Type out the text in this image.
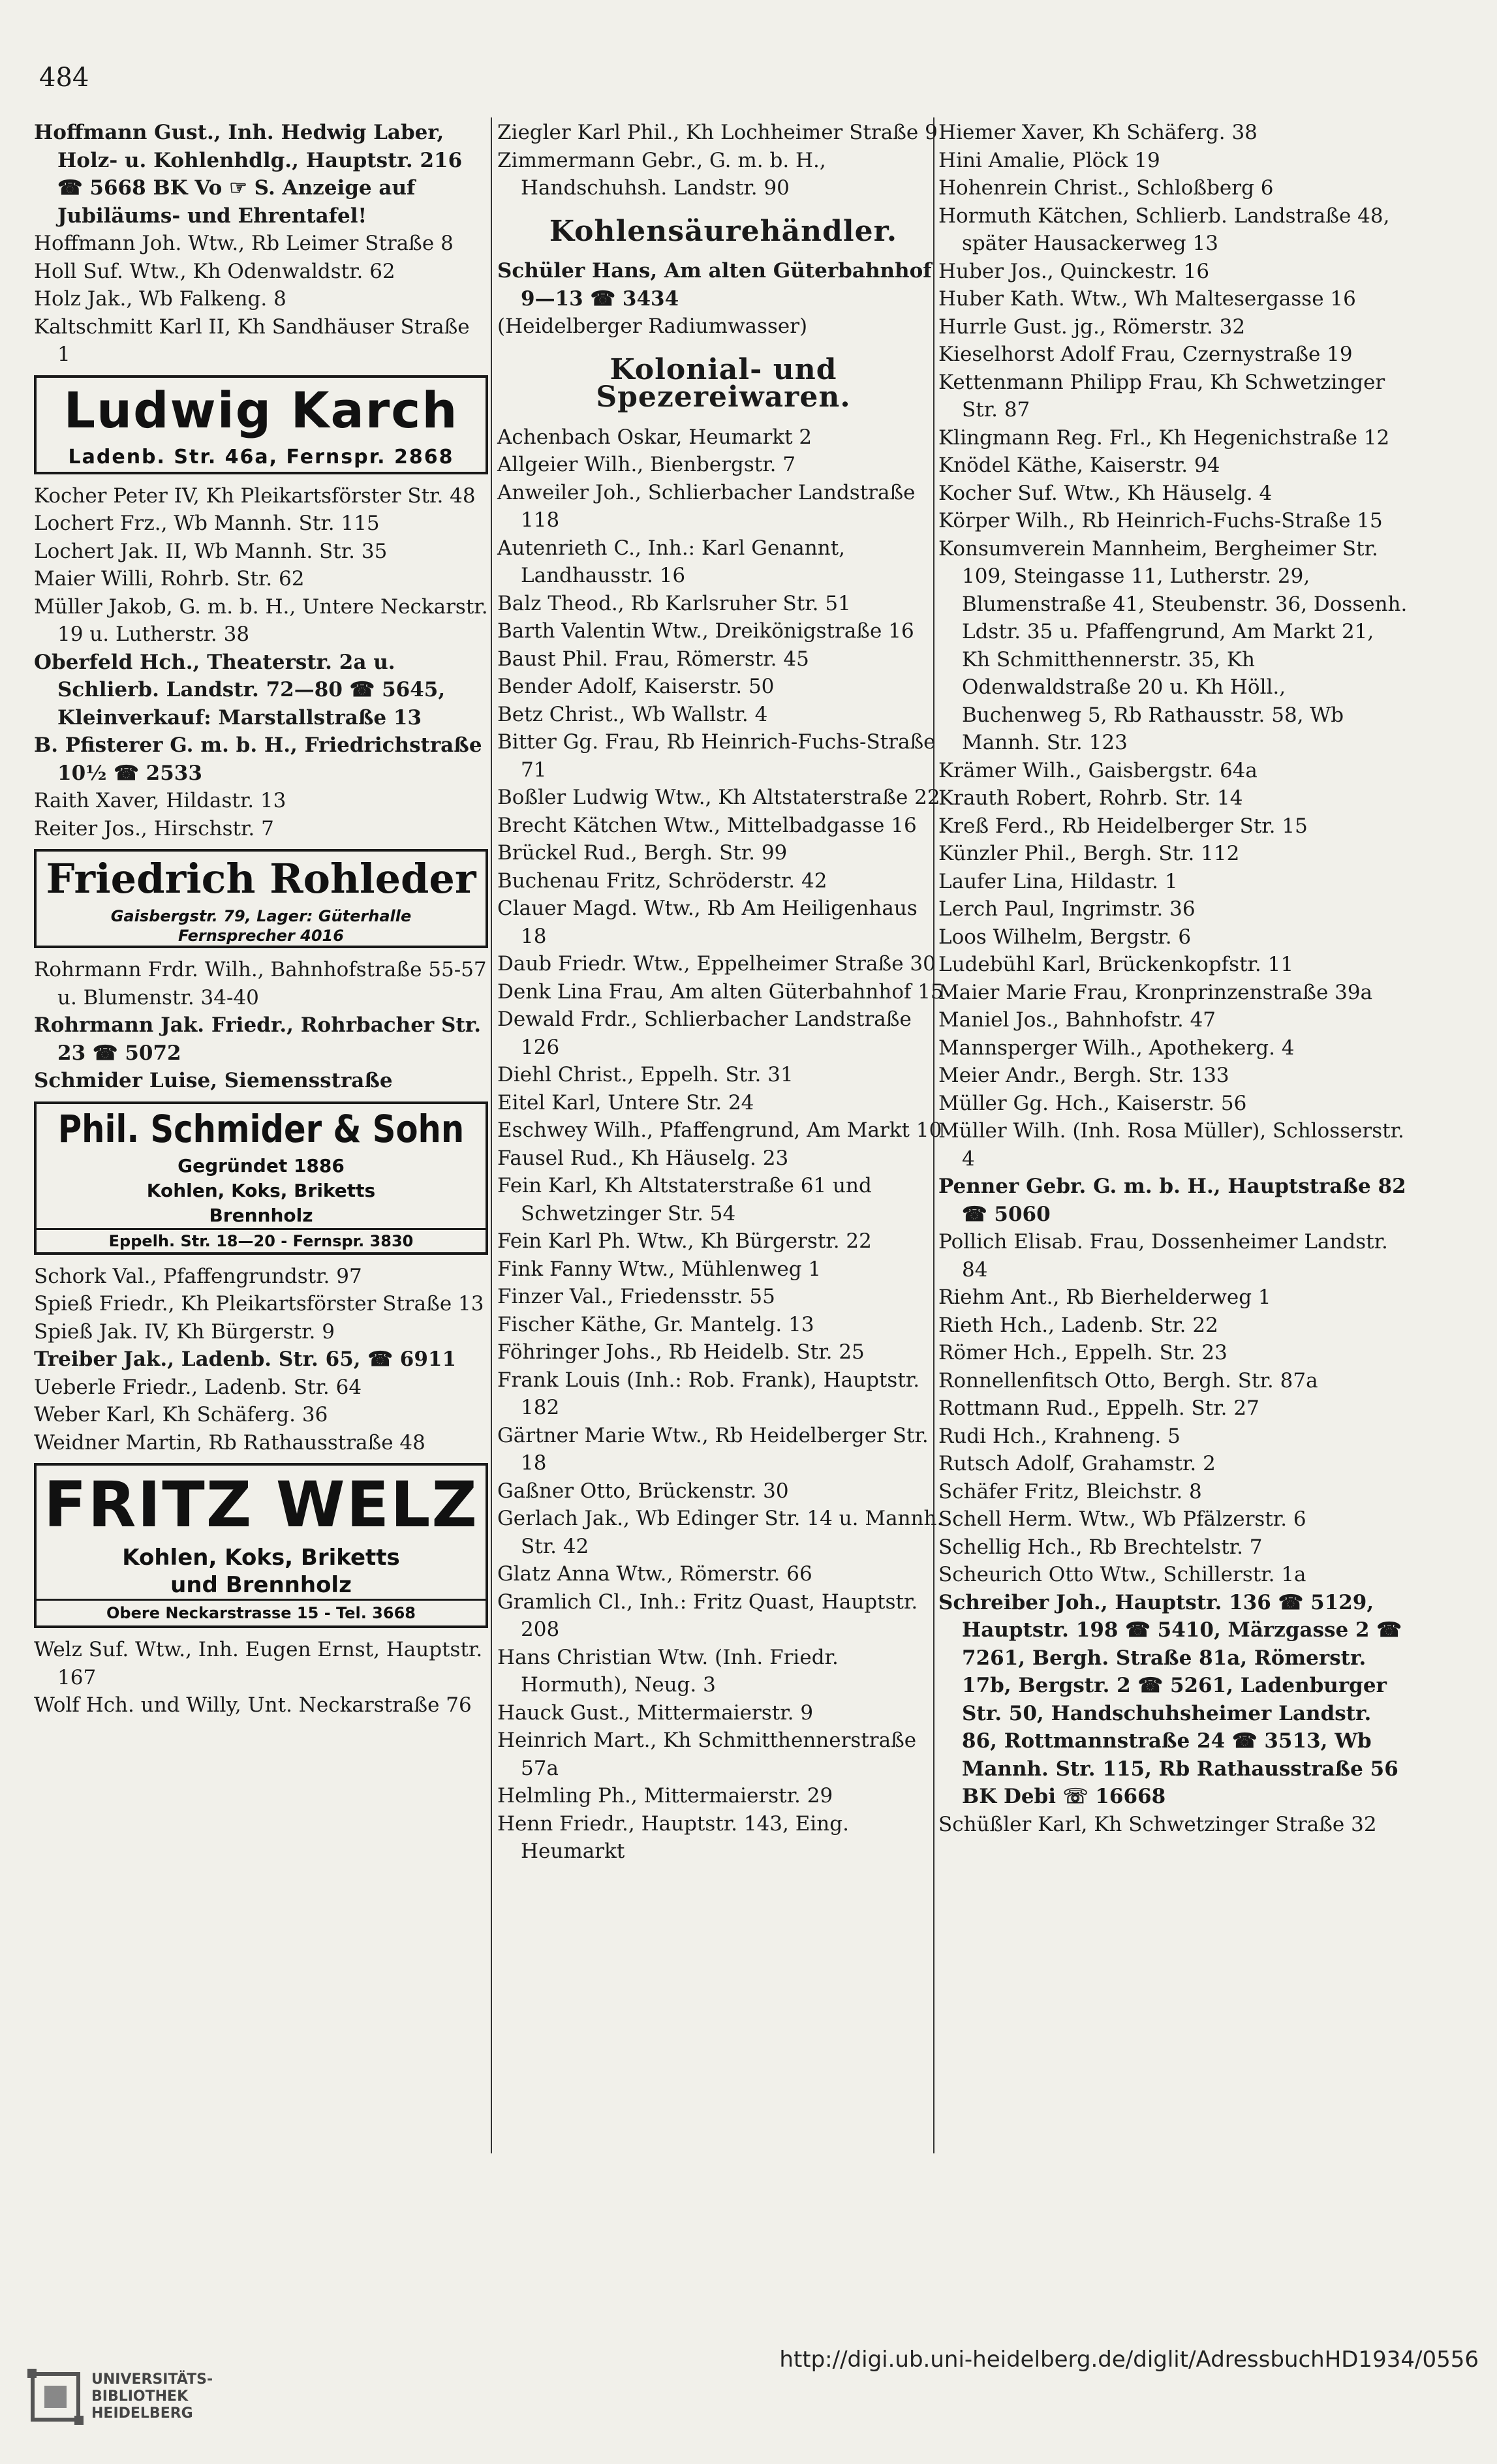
484

Hoffmann Gust., Inh. Hedwig Laber, Holz- u. Kohlenhdlg., Hauptstr. 216 ☎ 5668 BK Vo ☞ S. Anzeige auf Jubiläums- und Ehrentafel!

Hoffmann Joh. Wtw., Rb Leimer Straße 8

Holl Suf. Wtw., Kh Odenwaldstr. 62

Holz Jak., Wb Falkeng. 8

Kaltschmitt Karl II, Kh Sandhäuser Straße 1

Ludwig Karch
Ladenb. Str. 46a, Fernspr. 2868

Kocher Peter IV, Kh Pleikartsförster Str. 48

Lochert Frz., Wb Mannh. Str. 115

Lochert Jak. II, Wb Mannh. Str. 35

Maier Willi, Rohrb. Str. 62

Müller Jakob, G. m. b. H., Untere Neckarstr. 19 u. Lutherstr. 38

Oberfeld Hch., Theaterstr. 2a u. Schlierb. Landstr. 72—80 ☎ 5645, Kleinverkauf: Marstallstraße 13

B. Pfisterer G. m. b. H., Friedrichstraße 10½ ☎ 2533

Raith Xaver, Hildastr. 13

Reiter Jos., Hirschstr. 7

Friedrich Rohleder
Gaisbergstr. 79, Lager: Güterhalle
Fernsprecher 4016

Rohrmann Frdr. Wilh., Bahnhofstraße 55-57 u. Blumenstr. 34-40

Rohrmann Jak. Friedr., Rohrbacher Str. 23 ☎ 5072

Schmider Luise, Siemensstraße

Phil. Schmider & Sohn
Gegründet 1886
Kohlen, Koks, Briketts
Brennholz
Eppelh. Str. 18—20 - Fernspr. 3830

Schork Val., Pfaffengrundstr. 97

Spieß Friedr., Kh Pleikartsförster Straße 13

Spieß Jak. IV, Kh Bürgerstr. 9

Treiber Jak., Ladenb. Str. 65, ☎ 6911

Ueberle Friedr., Ladenb. Str. 64

Weber Karl, Kh Schäferg. 36

Weidner Martin, Rb Rathausstraße 48

FRITZ WELZ
Kohlen, Koks, Briketts
und Brennholz
Obere Neckarstrasse 15 - Tel. 3668

Welz Suf. Wtw., Inh. Eugen Ernst, Hauptstr. 167

Wolf Hch. und Willy, Unt. Neckarstraße 76

Ziegler Karl Phil., Kh Lochheimer Straße 9

Zimmermann Gebr., G. m. b. H., Handschuhsh. Landstr. 90

Kohlensäurehändler.

Schüler Hans, Am alten Güterbahnhof 9—13 ☎ 3434

(Heidelberger Radiumwasser)

Kolonial- und Spezereiwaren.

Achenbach Oskar, Heumarkt 2

Allgeier Wilh., Bienbergstr. 7

Anweiler Joh., Schlierbacher Landstraße 118

Autenrieth C., Inh.: Karl Genannt, Landhausstr. 16

Balz Theod., Rb Karlsruher Str. 51

Barth Valentin Wtw., Dreikönigstraße 16

Baust Phil. Frau, Römerstr. 45

Bender Adolf, Kaiserstr. 50

Betz Christ., Wb Wallstr. 4

Bitter Gg. Frau, Rb Heinrich-Fuchs-Straße 71

Boßler Ludwig Wtw., Kh Altstaterstraße 22

Brecht Kätchen Wtw., Mittelbadgasse 16

Brückel Rud., Bergh. Str. 99

Buchenau Fritz, Schröderstr. 42

Clauer Magd. Wtw., Rb Am Heiligenhaus 18

Daub Friedr. Wtw., Eppelheimer Straße 30

Denk Lina Frau, Am alten Güterbahnhof 15

Dewald Frdr., Schlierbacher Landstraße 126

Diehl Christ., Eppelh. Str. 31

Eitel Karl, Untere Str. 24

Eschwey Wilh., Pfaffengrund, Am Markt 10

Fausel Rud., Kh Häuselg. 23

Fein Karl, Kh Altstaterstraße 61 und Schwetzinger Str. 54

Fein Karl Ph. Wtw., Kh Bürgerstr. 22

Fink Fanny Wtw., Mühlenweg 1

Finzer Val., Friedensstr. 55

Fischer Käthe, Gr. Mantelg. 13

Föhringer Johs., Rb Heidelb. Str. 25

Frank Louis (Inh.: Rob. Frank), Hauptstr. 182

Gärtner Marie Wtw., Rb Heidelberger Str. 18

Gaßner Otto, Brückenstr. 30

Gerlach Jak., Wb Edinger Str. 14 u. Mannh. Str. 42

Glatz Anna Wtw., Römerstr. 66

Gramlich Cl., Inh.: Fritz Quast, Hauptstr. 208

Hans Christian Wtw. (Inh. Friedr. Hormuth), Neug. 3

Hauck Gust., Mittermaierstr. 9

Heinrich Mart., Kh Schmitthennerstraße 57a

Helmling Ph., Mittermaierstr. 29

Henn Friedr., Hauptstr. 143, Eing. Heumarkt

Hiemer Xaver, Kh Schäferg. 38

Hini Amalie, Plöck 19

Hohenrein Christ., Schloßberg 6

Hormuth Kätchen, Schlierb. Landstraße 48, später Hausackerweg 13

Huber Jos., Quinckestr. 16

Huber Kath. Wtw., Wh Maltesergasse 16

Hurrle Gust. jg., Römerstr. 32

Kieselhorst Adolf Frau, Czernystraße 19

Kettenmann Philipp Frau, Kh Schwetzinger Str. 87

Klingmann Reg. Frl., Kh Hegenichstraße 12

Knödel Käthe, Kaiserstr. 94

Kocher Suf. Wtw., Kh Häuselg. 4

Körper Wilh., Rb Heinrich-Fuchs-Straße 15

Konsumverein Mannheim, Bergheimer Str. 109, Steingasse 11, Lutherstr. 29, Blumenstraße 41, Steubenstr. 36, Dossenh. Ldstr. 35 u. Pfaffengrund, Am Markt 21, Kh Schmitthennerstr. 35, Kh Odenwaldstraße 20 u. Kh Höll., Buchenweg 5, Rb Rathausstr. 58, Wb Mannh. Str. 123

Krämer Wilh., Gaisbergstr. 64a

Krauth Robert, Rohrb. Str. 14

Kreß Ferd., Rb Heidelberger Str. 15

Künzler Phil., Bergh. Str. 112

Laufer Lina, Hildastr. 1

Lerch Paul, Ingrimstr. 36

Loos Wilhelm, Bergstr. 6

Ludebühl Karl, Brückenkopfstr. 11

Maier Marie Frau, Kronprinzenstraße 39a

Maniel Jos., Bahnhofstr. 47

Mannsperger Wilh., Apothekerg. 4

Meier Andr., Bergh. Str. 133

Müller Gg. Hch., Kaiserstr. 56

Müller Wilh. (Inh. Rosa Müller), Schlosserstr. 4

Penner Gebr. G. m. b. H., Hauptstraße 82 ☎ 5060

Pollich Elisab. Frau, Dossenheimer Landstr. 84

Riehm Ant., Rb Bierhelderweg 1

Rieth Hch., Ladenb. Str. 22

Römer Hch., Eppelh. Str. 23

Ronnellenfitsch Otto, Bergh. Str. 87a

Rottmann Rud., Eppelh. Str. 27

Rudi Hch., Krahneng. 5

Rutsch Adolf, Grahamstr. 2

Schäfer Fritz, Bleichstr. 8

Schell Herm. Wtw., Wb Pfälzerstr. 6

Schellig Hch., Rb Brechtelstr. 7

Scheurich Otto Wtw., Schillerstr. 1a

Schreiber Joh., Hauptstr. 136 ☎ 5129, Hauptstr. 198 ☎ 5410, Märzgasse 2 ☎ 7261, Bergh. Straße 81a, Römerstr. 17b, Bergstr. 2 ☎ 5261, Ladenburger Str. 50, Handschuhsheimer Landstr. 86, Rottmannstraße 24 ☎ 3513, Wb Mannh. Str. 115, Rb Rathausstraße 56 BK Debi ☏ 16668

Schüßler Karl, Kh Schwetzinger Straße 32

UNIVERSITÄTS-
BIBLIOTHEK
HEIDELBERG
http://digi.ub.uni-heidelberg.de/diglit/AdressbuchHD1934/0556
